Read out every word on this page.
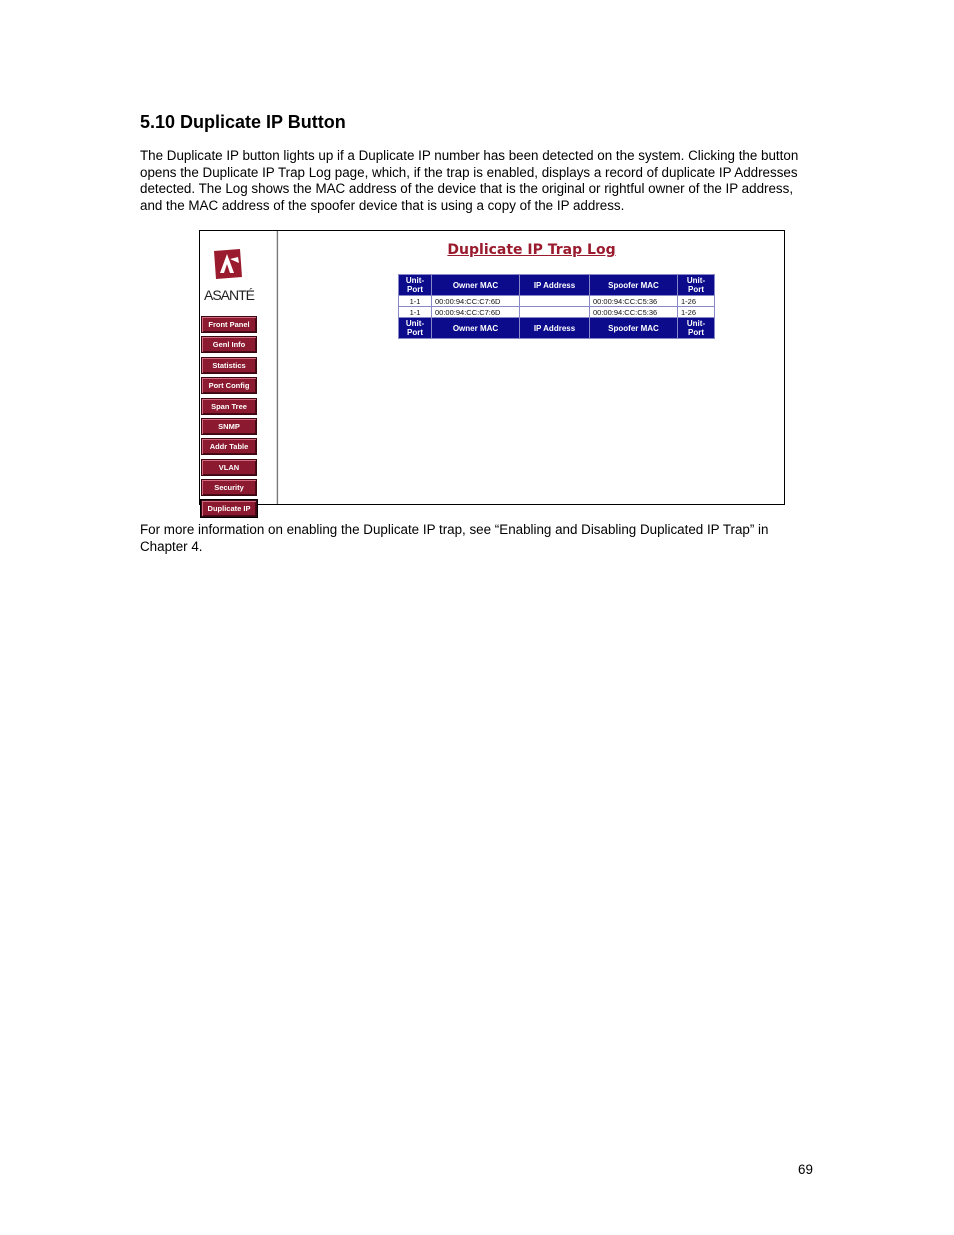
5.10 Duplicate IP Button

The Duplicate IP button lights up if a Duplicate IP number has been detected on the system. Clicking the button opens the Duplicate IP Trap Log page, which, if the trap is enabled, displays a record of duplicate IP Addresses detected. The Log shows the MAC address of the device that is the original or rightful owner of the IP address, and the MAC address of the spoofer device that is using a copy of the IP address.

ASANTÉ
Front Panel
Genl Info
Statistics
Port Config
Span Tree
SNMP
Addr Table
VLAN
Security
Duplicate IP
Duplicate IP Trap Log
Unit-Port	Owner MAC	IP Address	Spoofer MAC	Unit-Port
1-1	00:00:94:CC:C7:6D		00:00:94:CC:C5:36	1-26
1-1	00:00:94:CC:C7:6D		00:00:94:CC:C5:36	1-26
Unit-Port	Owner MAC	IP Address	Spoofer MAC	Unit-Port

For more information on enabling the Duplicate IP trap, see “Enabling and Disabling Duplicated IP Trap” in Chapter 4.

69
